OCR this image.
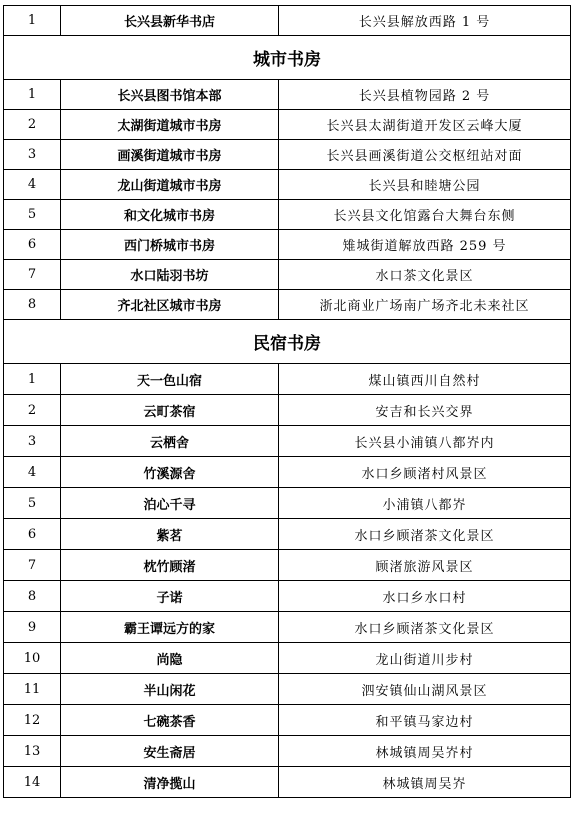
1	长兴县新华书店	长兴县解放西路 1 号
城市书房		
1	长兴县图书馆本部	长兴县植物园路 2 号
2	太湖街道城市书房	长兴县太湖街道开发区云峰大厦
3	画溪街道城市书房	长兴县画溪街道公交枢纽站对面
4	龙山街道城市书房	长兴县和睦塘公园
5	和文化城市书房	长兴县文化馆露台大舞台东侧
6	西门桥城市书房	雉城街道解放西路 259 号
7	水口陆羽书坊	水口茶文化景区
8	齐北社区城市书房	浙北商业广场南广场齐北未来社区
民宿书房		
1	天一色山宿	煤山镇西川自然村
2	云町茶宿	安吉和长兴交界
3	云栖舍	长兴县小浦镇八都岕内
4	竹溪源舍	水口乡顾渚村风景区
5	泊心千寻	小浦镇八都岕
6	紫茗	水口乡顾渚茶文化景区
7	枕竹顾渚	顾渚旅游风景区
8	子诺	水口乡水口村
9	霸王谭远方的家	水口乡顾渚茶文化景区
10	尚隐	龙山街道川步村
11	半山闲花	泗安镇仙山湖风景区
12	七碗茶香	和平镇马家边村
13	安生斋居	林城镇周吴岕村
14	清净揽山	林城镇周吴岕
